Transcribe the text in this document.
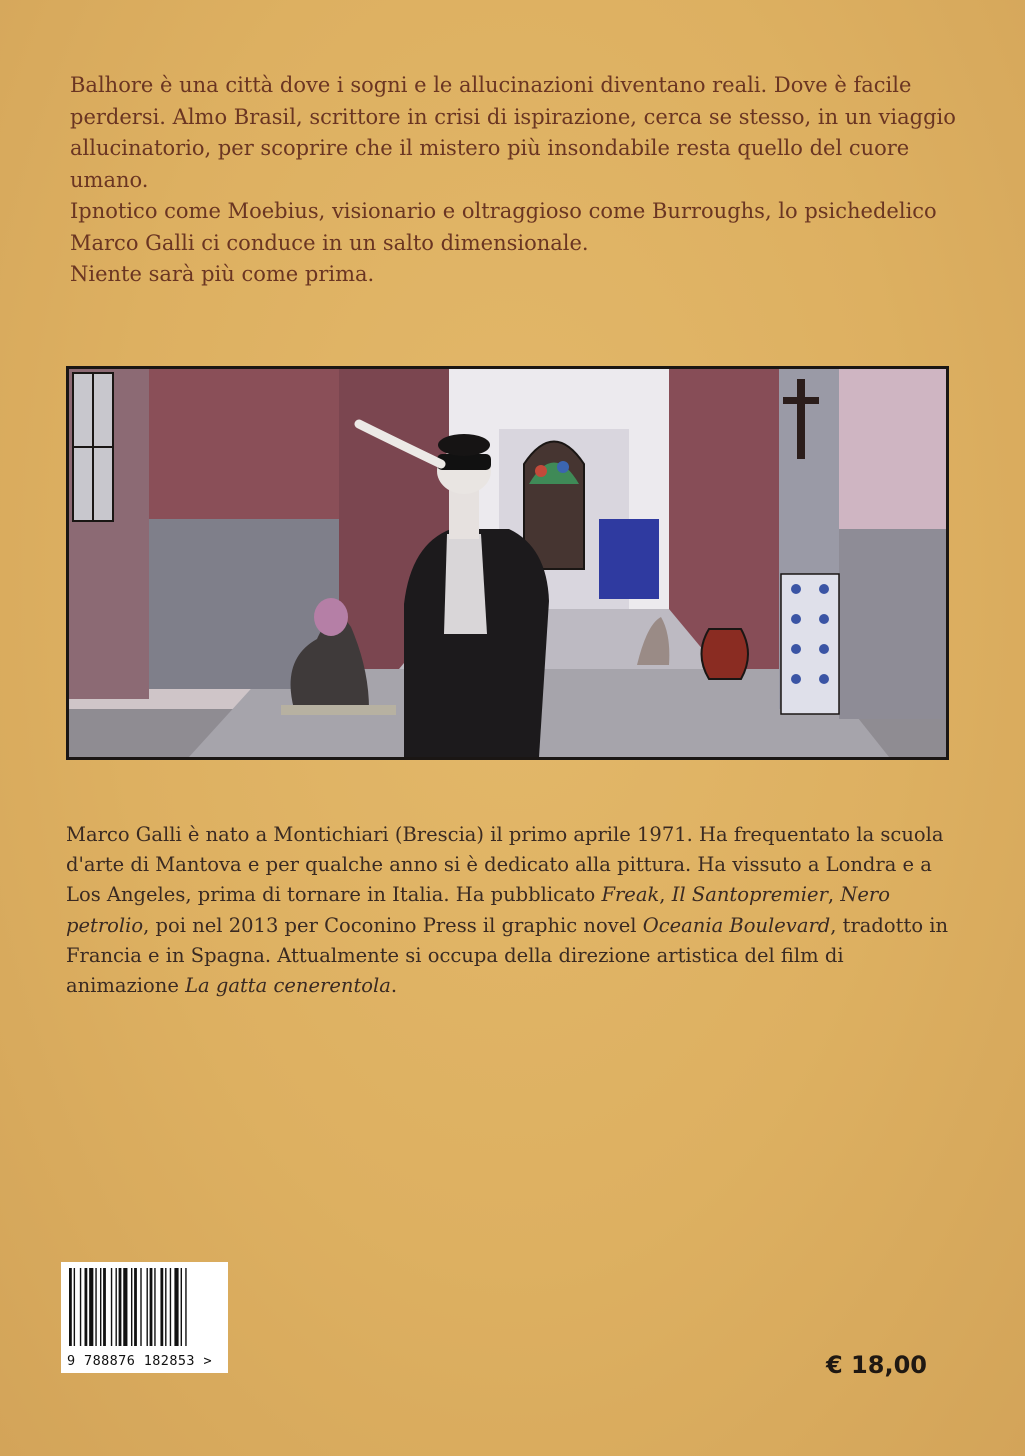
Balhore è una città dove i sogni e le allucinazioni diventano reali. Dove è facile perdersi. Almo Brasil, scrittore in crisi di ispirazione, cerca se stesso, in un viaggio allucinatorio, per scoprire che il mistero più insondabile resta quello del cuore umano.

Ipnotico come Moebius, visionario e oltraggioso come Burroughs, lo psichedelico Marco Galli ci conduce in un salto dimensionale.

Niente sarà più come prima.

Marco Galli è nato a Montichiari (Brescia) il primo aprile 1971. Ha frequentato la scuola d'arte di Mantova e per qualche anno si è dedicato alla pittura. Ha vissuto a Londra e a Los Angeles, prima di tornare in Italia. Ha pubblicato Freak, Il Santopremier, Nero petrolio, poi nel 2013 per Coconino Press il graphic novel Oceania Boulevard, tradotto in Francia e in Spagna. Attualmente si occupa della direzione artistica del film di animazione La gatta cenerentola.
9 788876 182853 >	€ 18,00
